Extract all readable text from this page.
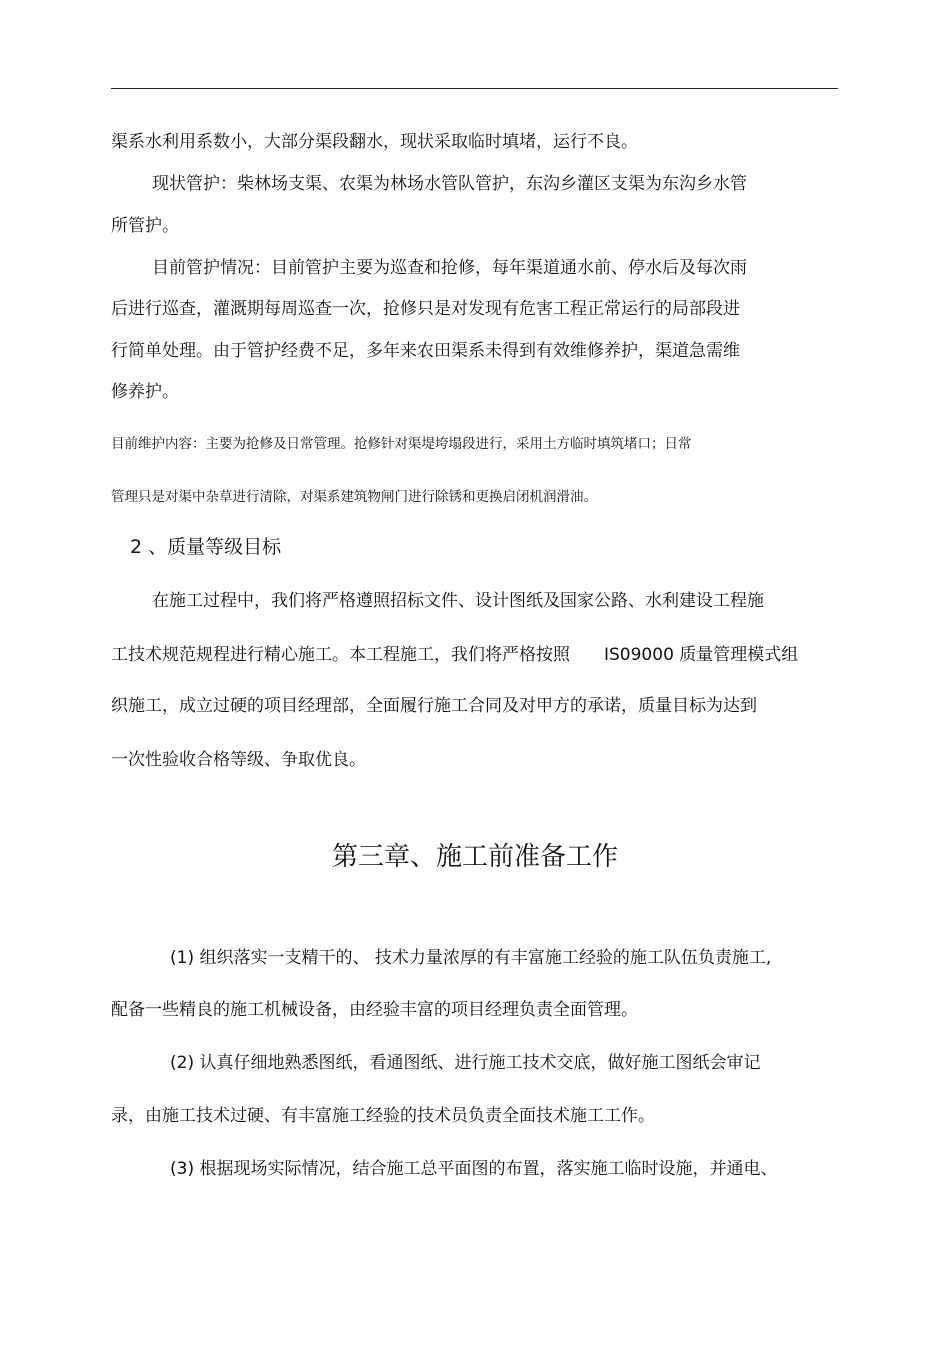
渠系水利用系数小，大部分渠段翻水，现状采取临时填堵，运行不良。
现状管护：柴林场支渠、农渠为林场水管队管护，东沟乡灌区支渠为东沟乡水管
所管护。
目前管护情况：目前管护主要为巡查和抢修，每年渠道通水前、停水后及每次雨
后进行巡查，灌溉期每周巡查一次，抢修只是对发现有危害工程正常运行的局部段进
行简单处理。由于管护经费不足，多年来农田渠系未得到有效维修养护，渠道急需维
修养护。
目前维护内容：主要为抢修及日常管理。抢修针对渠堤垮塌段进行，采用土方临时填筑堵口；日常
管理只是对渠中杂草进行清除，对渠系建筑物闸门进行除锈和更换启闭机润滑油。
2 、质量等级目标
在施工过程中，我们将严格遵照招标文件、设计图纸及国家公路、水利建设工程施
工技术规范规程进行精心施工。本工程施工，我们将严格按照　　IS09000 质量管理模式组
织施工，成立过硬的项目经理部，全面履行施工合同及对甲方的承诺，质量目标为达到
一次性验收合格等级、争取优良。
第三章、施工前准备工作
(1) 组织落实一支精干的、 技术力量浓厚的有丰富施工经验的施工队伍负责施工,
配备一些精良的施工机械设备，由经验丰富的项目经理负责全面管理。
(2) 认真仔细地熟悉图纸，看通图纸、进行施工技术交底，做好施工图纸会审记
录，由施工技术过硬、有丰富施工经验的技术员负责全面技术施工工作。
(3) 根据现场实际情况，结合施工总平面图的布置，落实施工临时设施，并通电、
